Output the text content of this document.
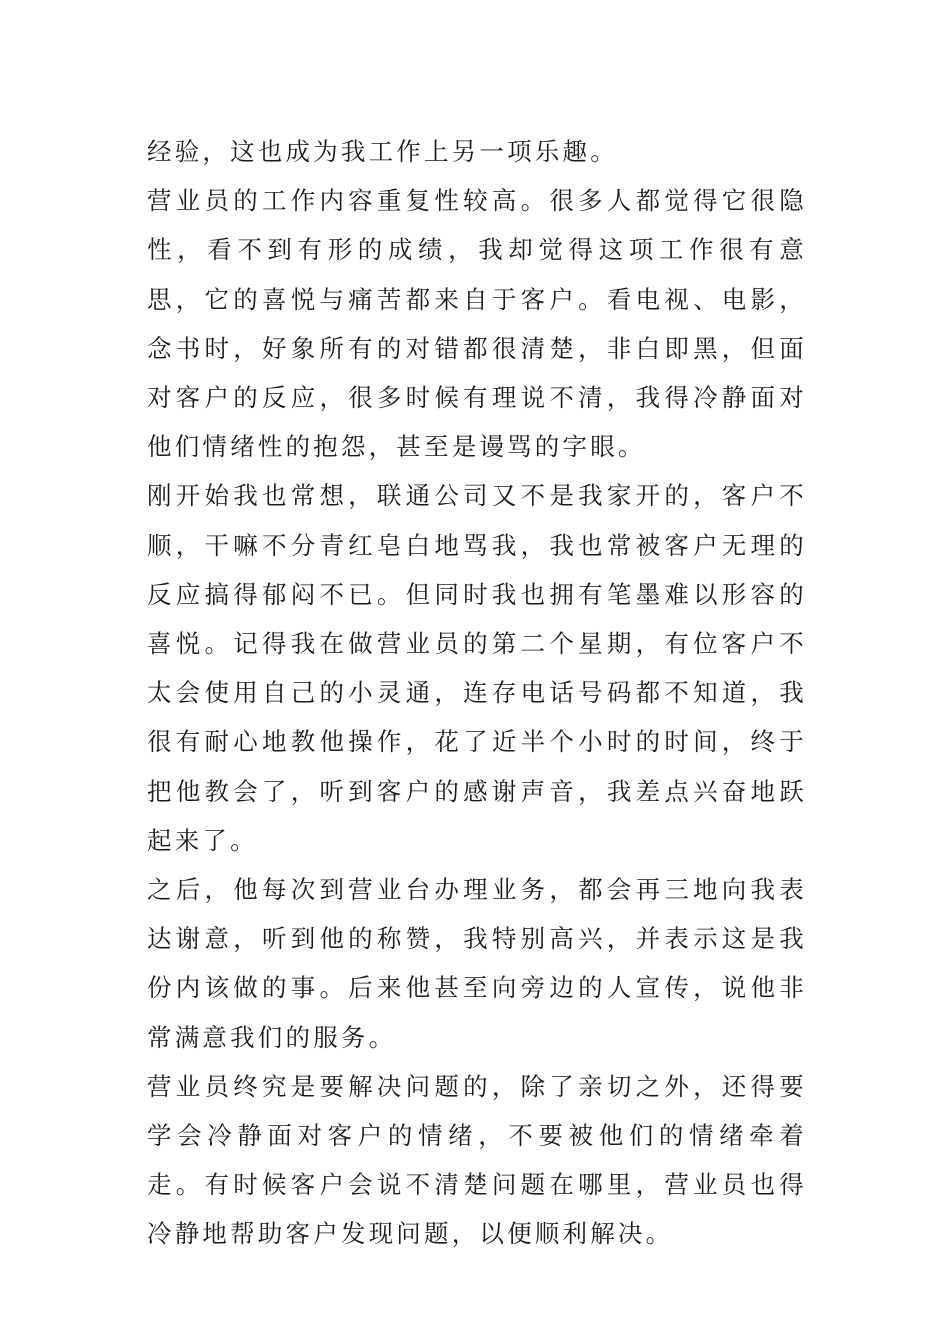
经验，这也成为我工作上另一项乐趣。

营业员的工作内容重复性较高。很多人都觉得它很隐性，看不到有形的成绩，我却觉得这项工作很有意思，它的喜悦与痛苦都来自于客户。看电视、电影，念书时，好象所有的对错都很清楚，非白即黑，但面对客户的反应，很多时候有理说不清，我得冷静面对他们情绪性的抱怨，甚至是谩骂的字眼。

刚开始我也常想，联通公司又不是我家开的，客户不顺，干嘛不分青红皂白地骂我，我也常被客户无理的反应搞得郁闷不已。但同时我也拥有笔墨难以形容的喜悦。记得我在做营业员的第二个星期，有位客户不太会使用自己的小灵通，连存电话号码都不知道，我很有耐心地教他操作，花了近半个小时的时间，终于把他教会了，听到客户的感谢声音，我差点兴奋地跃起来了。

之后，他每次到营业台办理业务，都会再三地向我表达谢意，听到他的称赞，我特别高兴，并表示这是我份内该做的事。后来他甚至向旁边的人宣传，说他非常满意我们的服务。

营业员终究是要解决问题的，除了亲切之外，还得要学会冷静面对客户的情绪，不要被他们的情绪牵着走。有时候客户会说不清楚问题在哪里，营业员也得冷静地帮助客户发现问题，以便顺利解决。
